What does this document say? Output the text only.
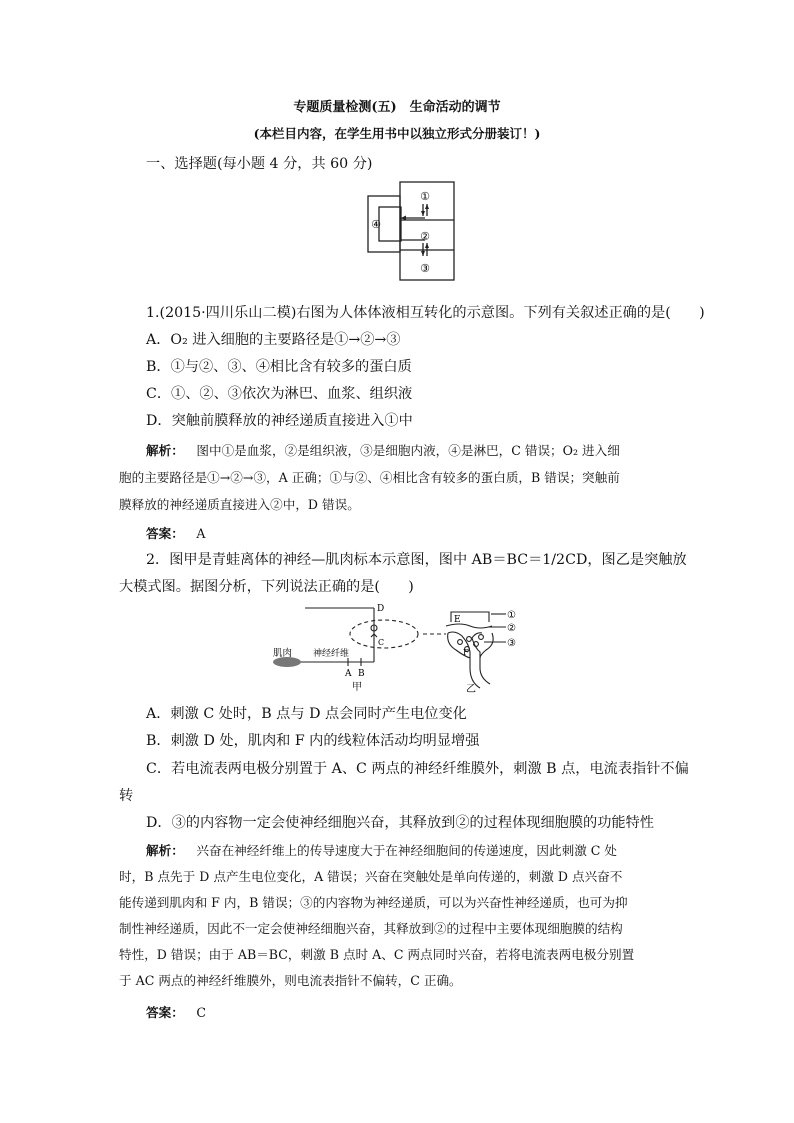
专题质量检测(五)　生命活动的调节
(本栏目内容，在学生用书中以独立形式分册装订！)
一、选择题(每小题 4 分，共 60 分)
①
②
③
④
1.(2015·四川乐山二模)右图为人体体液相互转化的示意图。下列有关叙述正确的是(　　)
A．O₂ 进入细胞的主要路径是①→②→③
B．①与②、③、④相比含有较多的蛋白质
C．①、②、③依次为淋巴、血浆、组织液
D．突触前膜释放的神经递质直接进入①中
解析：  图中①是血浆，②是组织液，③是细胞内液，④是淋巴，C 错误；O₂ 进入细
胞的主要路径是①→②→③，A 正确；①与②、④相比含有较多的蛋白质，B 错误；突触前
膜释放的神经递质直接进入②中，D 错误。
答案：  A
2．图甲是青蛙离体的神经—肌肉标本示意图，图中 AB＝BC＝1/2CD，图乙是突触放
大模式图。据图分析，下列说法正确的是(　　)
D
C
A B
肌肉 神经纤维
甲
E
F
①
②
③
乙
A．刺激 C 处时，B 点与 D 点会同时产生电位变化
B．刺激 D 处，肌肉和 F 内的线粒体活动均明显增强
C．若电流表两电极分别置于 A、C 两点的神经纤维膜外，刺激 B 点，电流表指针不偏
转
D．③的内容物一定会使神经细胞兴奋，其释放到②的过程体现细胞膜的功能特性
解析：  兴奋在神经纤维上的传导速度大于在神经细胞间的传递速度，因此刺激 C 处
时，B 点先于 D 点产生电位变化，A 错误；兴奋在突触处是单向传递的，刺激 D 点兴奋不
能传递到肌肉和 F 内，B 错误；③的内容物为神经递质，可以为兴奋性神经递质，也可为抑
制性神经递质，因此不一定会使神经细胞兴奋，其释放到②的过程中主要体现细胞膜的结构
特性，D 错误；由于 AB＝BC，刺激 B 点时 A、C 两点同时兴奋，若将电流表两电极分别置
于 AC 两点的神经纤维膜外，则电流表指针不偏转，C 正确。
答案：  C
